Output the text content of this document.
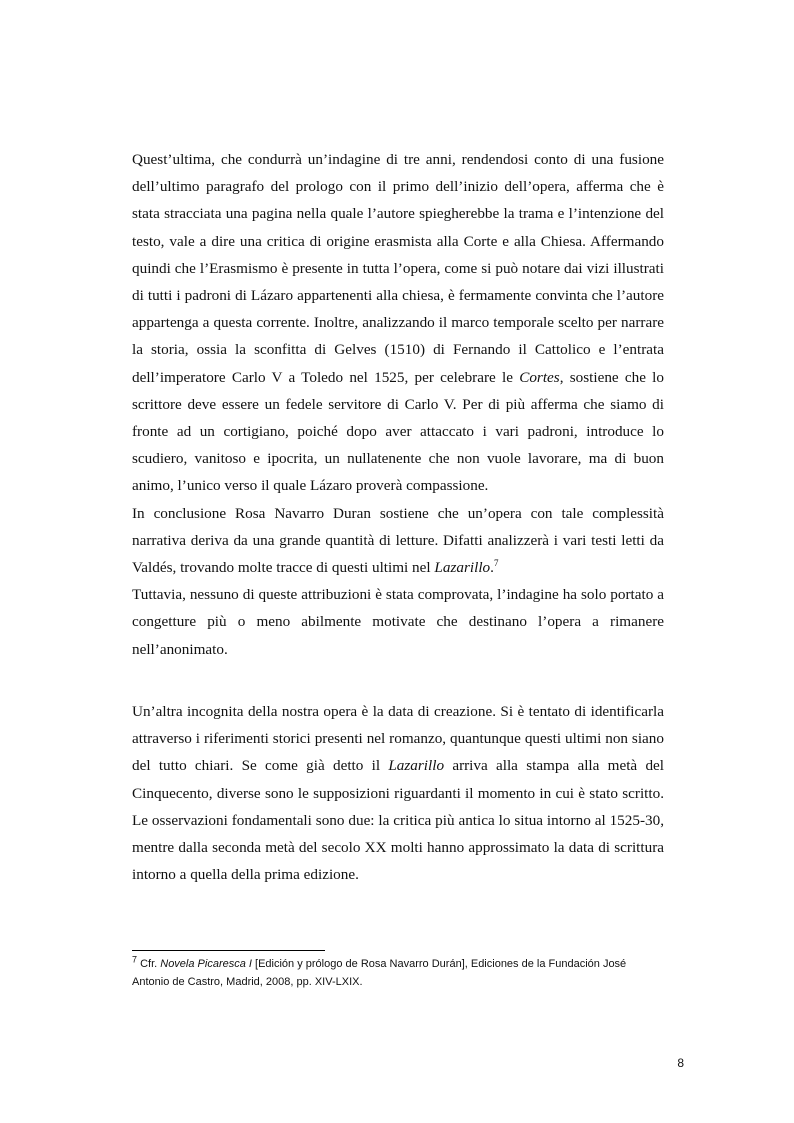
Quest’ultima, che condurrà un’indagine di tre anni, rendendosi conto di una fusione dell’ultimo paragrafo del prologo con il primo dell’inizio dell’opera, afferma che è stata stracciata una pagina nella quale l’autore spiegherebbe la trama e l’intenzione del testo, vale a dire una critica di origine erasmista alla Corte e alla Chiesa. Affermando quindi che l’Erasmismo è presente in tutta l’opera, come si può notare dai vizi illustrati di tutti i padroni di Lázaro appartenenti alla chiesa, è fermamente convinta che l’autore appartenga a questa corrente. Inoltre, analizzando il marco temporale scelto per narrare la storia, ossia la sconfitta di Gelves (1510) di Fernando il Cattolico e l’entrata dell’imperatore Carlo V a Toledo nel 1525, per celebrare le Cortes, sostiene che lo scrittore deve essere un fedele servitore di Carlo V. Per di più afferma che siamo di fronte ad un cortigiano, poiché dopo aver attaccato i vari padroni, introduce lo scudiero, vanitoso e ipocrita, un nullatenente che non vuole lavorare, ma di buon animo, l’unico verso il quale Lázaro proverà compassione.

In conclusione Rosa Navarro Duran sostiene che un’opera con tale complessità narrativa deriva da una grande quantità di letture. Difatti analizzerà i vari testi letti da Valdés, trovando molte tracce di questi ultimi nel Lazarillo.$^7$

Tuttavia, nessuno di queste attribuzioni è stata comprovata, l’indagine ha solo portato a congetture più o meno abilmente motivate che destinano l’opera a rimanere nell’anonimato.

Un’altra incognita della nostra opera è la data di creazione. Si è tentato di identificarla attraverso i riferimenti storici presenti nel romanzo, quantunque questi ultimi non siano del tutto chiari. Se come già detto il Lazarillo arriva alla stampa alla metà del Cinquecento, diverse sono le supposizioni riguardanti il momento in cui è stato scritto. Le osservazioni fondamentali sono due: la critica più antica lo situa intorno al 1525-30, mentre dalla seconda metà del secolo XX molti hanno approssimato la data di scrittura intorno a quella della prima edizione.

$^7$ Cfr. Novela Picaresca I [Edición y prólogo de Rosa Navarro Durán], Ediciones de la Fundación José Antonio de Castro, Madrid, 2008, pp. XIV-LXIX.

8
